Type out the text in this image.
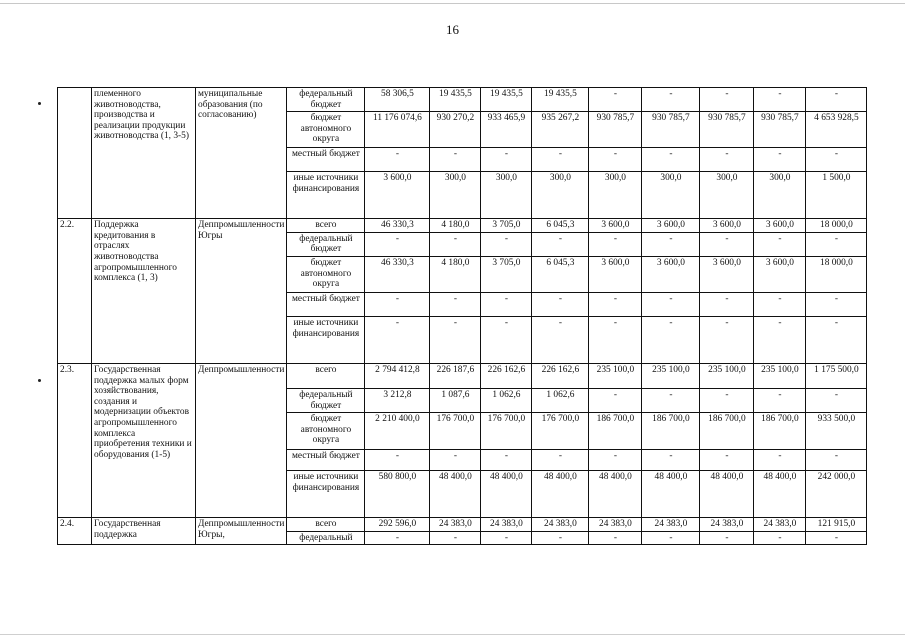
16
	племенного животноводства, производства и реализации продукции животноводства (1, 3-5)	муниципальные образования (по согласованию)	федеральный бюджет	58 306,5	19 435,5	19 435,5	19 435,5	-	-	-	-	-
			бюджет автономного округа	11 176 074,6	930 270,2	933 465,9	935 267,2	930 785,7	930 785,7	930 785,7	930 785,7	4 653 928,5
			местный бюджет	-	-	-	-	-	-	-	-	-
			иные источники финансирования	3 600,0	300,0	300,0	300,0	300,0	300,0	300,0	300,0	1 500,0
2.2.	Поддержка кредитования в отраслях животноводства агропромышленного комплекса (1, 3)	Деппромышленности Югры	всего	46 330,3	4 180,0	3 705,0	6 045,3	3 600,0	3 600,0	3 600,0	3 600,0	18 000,0
			федеральный бюджет	-	-	-	-	-	-	-	-	-
			бюджет автономного округа	46 330,3	4 180,0	3 705,0	6 045,3	3 600,0	3 600,0	3 600,0	3 600,0	18 000,0
			местный бюджет	-	-	-	-	-	-	-	-	-
			иные источники финансирования	-	-	-	-	-	-	-	-	-
2.3.	Государственная поддержка малых форм хозяйствования, создания и модернизации объектов агропромышленного комплекса приобретения техники и оборудования (1-5)	Деппромышленности	всего	2 794 412,8	226 187,6	226 162,6	226 162,6	235 100,0	235 100,0	235 100,0	235 100,0	1 175 500,0
			федеральный бюджет	3 212,8	1 087,6	1 062,6	1 062,6	-	-	-	-	-
			бюджет автономного округа	2 210 400,0	176 700,0	176 700,0	176 700,0	186 700,0	186 700,0	186 700,0	186 700,0	933 500,0
			местный бюджет	-	-	-	-	-	-	-	-	-
			иные источники финансирования	580 800,0	48 400,0	48 400,0	48 400,0	48 400,0	48 400,0	48 400,0	48 400,0	242 000,0
2.4.	Государственная поддержка	Деппромышленности Югры,	всего	292 596,0	24 383,0	24 383,0	24 383,0	24 383,0	24 383,0	24 383,0	24 383,0	121 915,0
			федеральный	-	-	-	-	-	-	-	-	-
